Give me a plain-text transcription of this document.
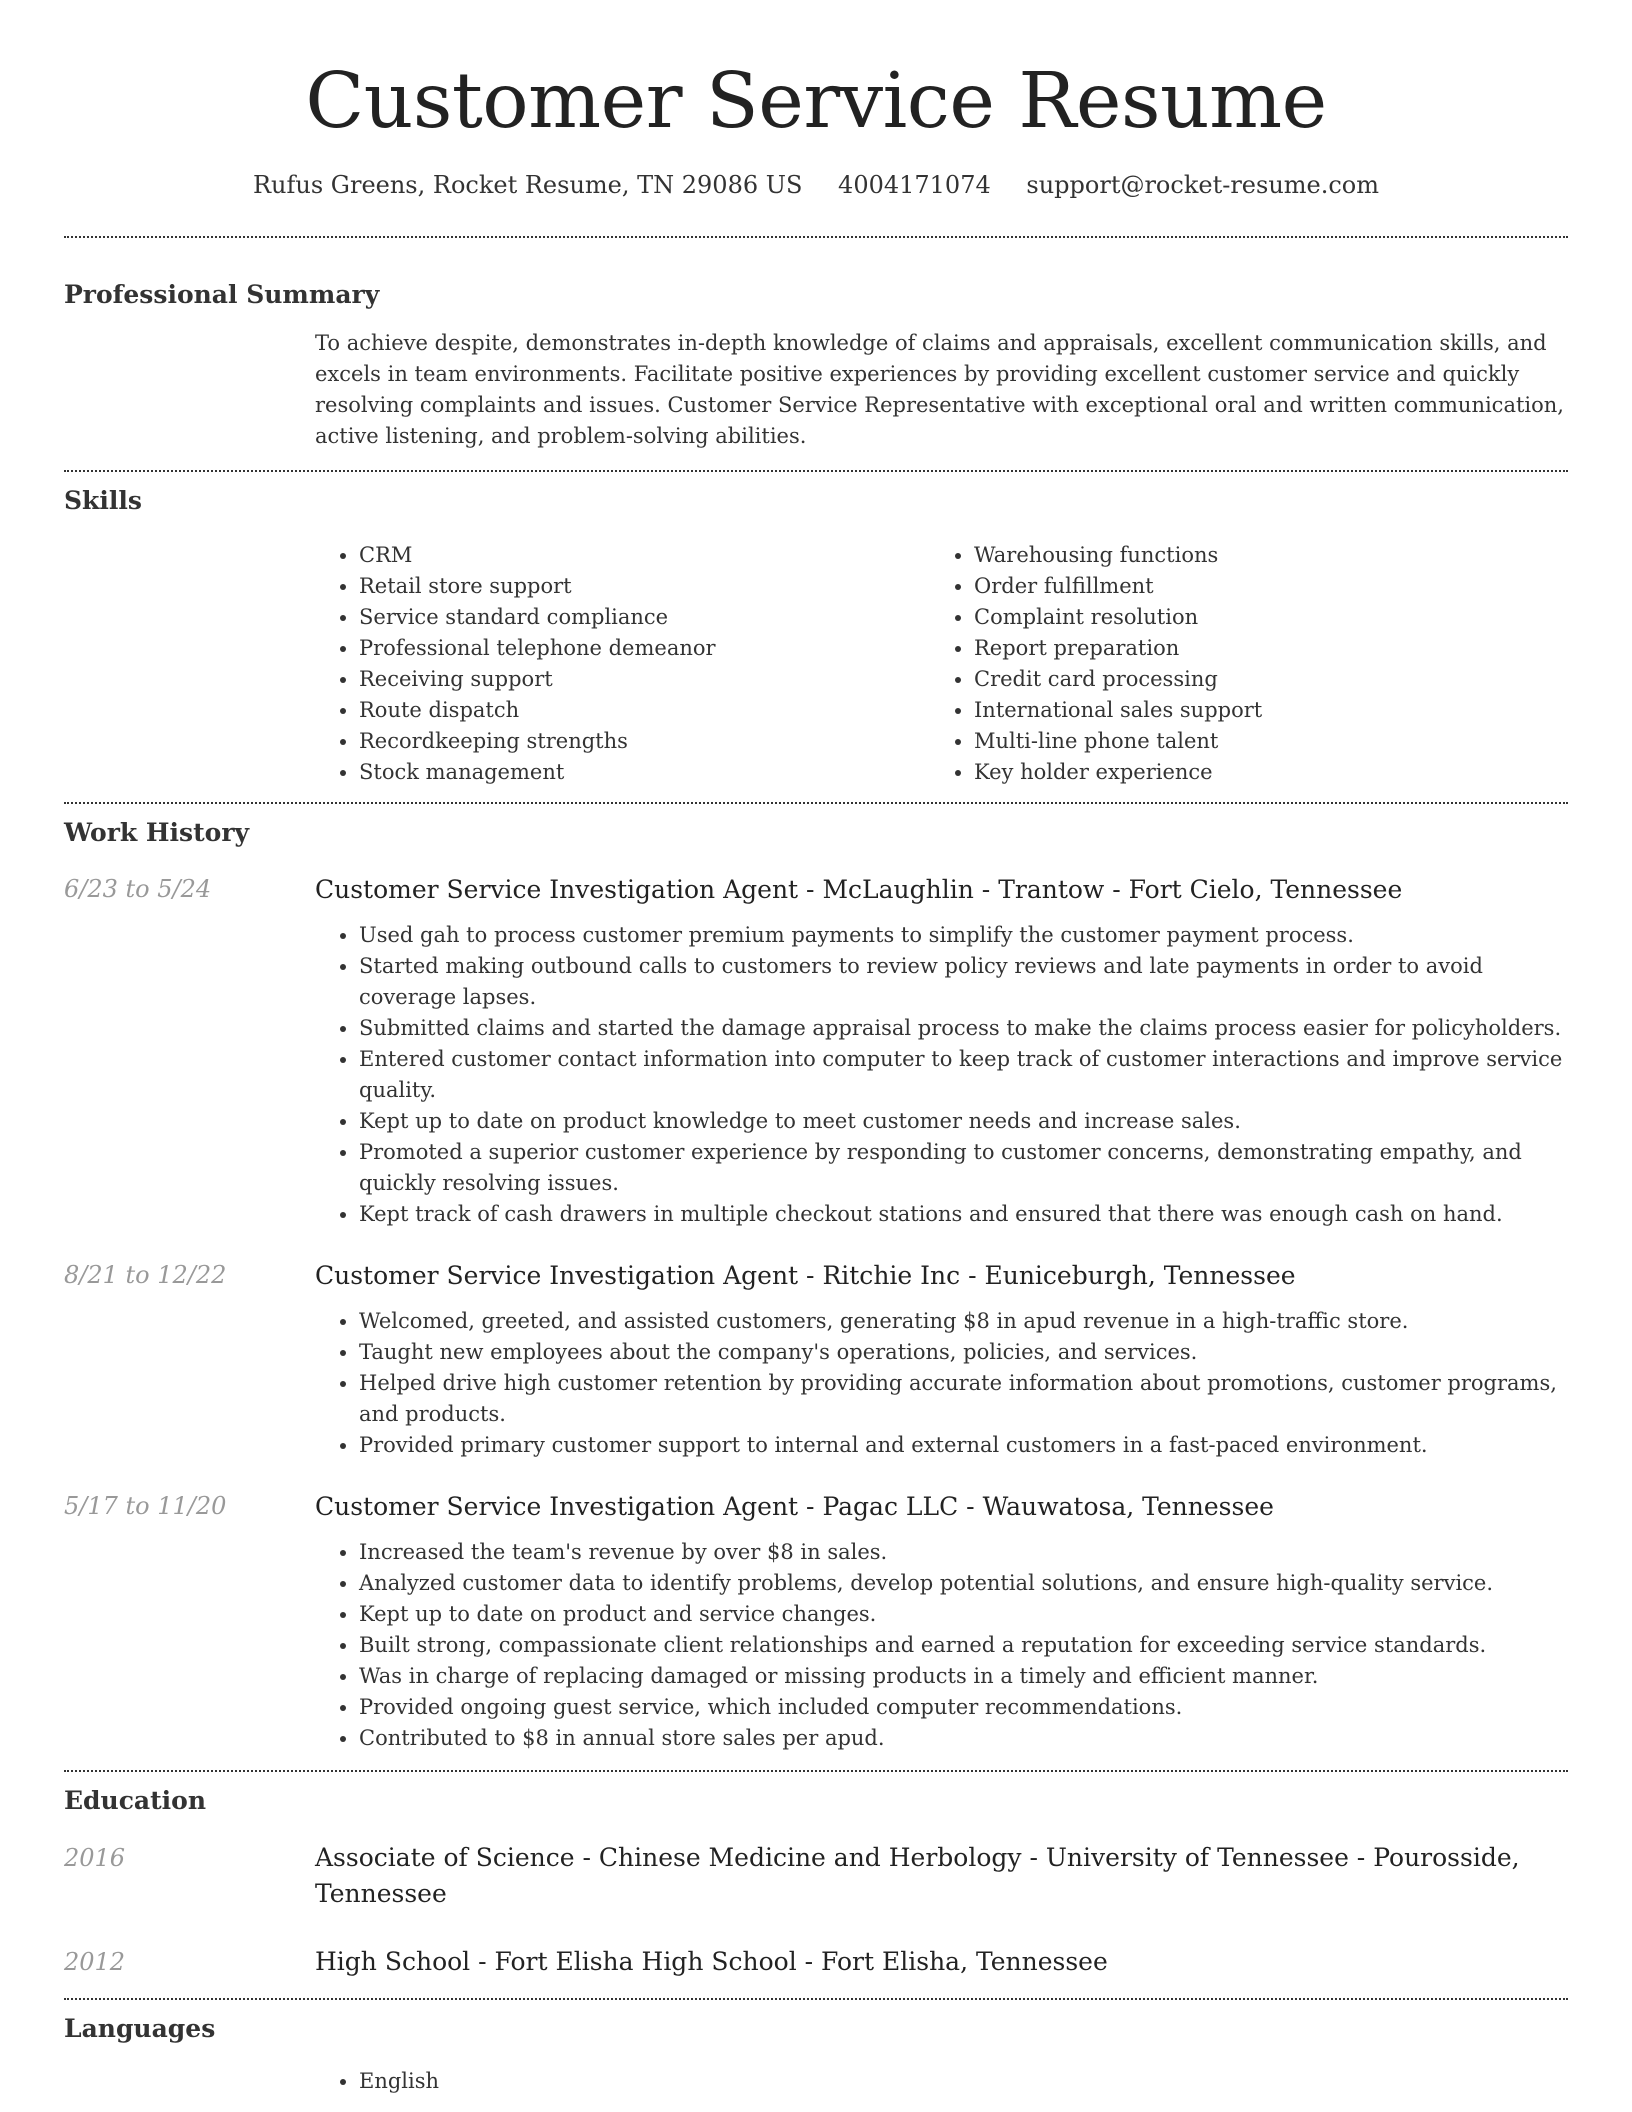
Customer Service Resume
Rufus Greens, Rocket Resume, TN 29086 US 4004171074 support@rocket-resume.com
Professional Summary

To achieve despite, demonstrates in-depth knowledge of claims and appraisals, excellent communication skills, and excels in team environments. Facilitate positive experiences by providing excellent customer service and quickly resolving complaints and issues. Customer Service Representative with exceptional oral and written communication, active listening, and problem-solving abilities.

Skills
• CRM
• Retail store support
• Service standard compliance
• Professional telephone demeanor
• Receiving support
• Route dispatch
• Recordkeeping strengths
• Stock management
• Warehousing functions
• Order fulfillment
• Complaint resolution
• Report preparation
• Credit card processing
• International sales support
• Multi-line phone talent
• Key holder experience
Work History
6/23 to 5/24	Customer Service Investigation Agent - McLaughlin - Trantow - Fort Cielo, Tennessee
• Used gah to process customer premium payments to simplify the customer payment process.
• Started making outbound calls to customers to review policy reviews and late payments in order to avoid coverage lapses.
• Submitted claims and started the damage appraisal process to make the claims process easier for policyholders.
• Entered customer contact information into computer to keep track of customer interactions and improve service quality.
• Kept up to date on product knowledge to meet customer needs and increase sales.
• Promoted a superior customer experience by responding to customer concerns, demonstrating empathy, and quickly resolving issues.
• Kept track of cash drawers in multiple checkout stations and ensured that there was enough cash on hand.
8/21 to 12/22	Customer Service Investigation Agent - Ritchie Inc - Euniceburgh, Tennessee
• Welcomed, greeted, and assisted customers, generating $8 in apud revenue in a high-traffic store.
• Taught new employees about the company's operations, policies, and services.
• Helped drive high customer retention by providing accurate information about promotions, customer programs, and products.
• Provided primary customer support to internal and external customers in a fast-paced environment.
5/17 to 11/20	Customer Service Investigation Agent - Pagac LLC - Wauwatosa, Tennessee
• Increased the team's revenue by over $8 in sales.
• Analyzed customer data to identify problems, develop potential solutions, and ensure high-quality service.
• Kept up to date on product and service changes.
• Built strong, compassionate client relationships and earned a reputation for exceeding service standards.
• Was in charge of replacing damaged or missing products in a timely and efficient manner.
• Provided ongoing guest service, which included computer recommendations.
• Contributed to $8 in annual store sales per apud.
Education
2016	Associate of Science - Chinese Medicine and Herbology - University of Tennessee - Pourosside, Tennessee
2012	High School - Fort Elisha High School - Fort Elisha, Tennessee
Languages
• English
